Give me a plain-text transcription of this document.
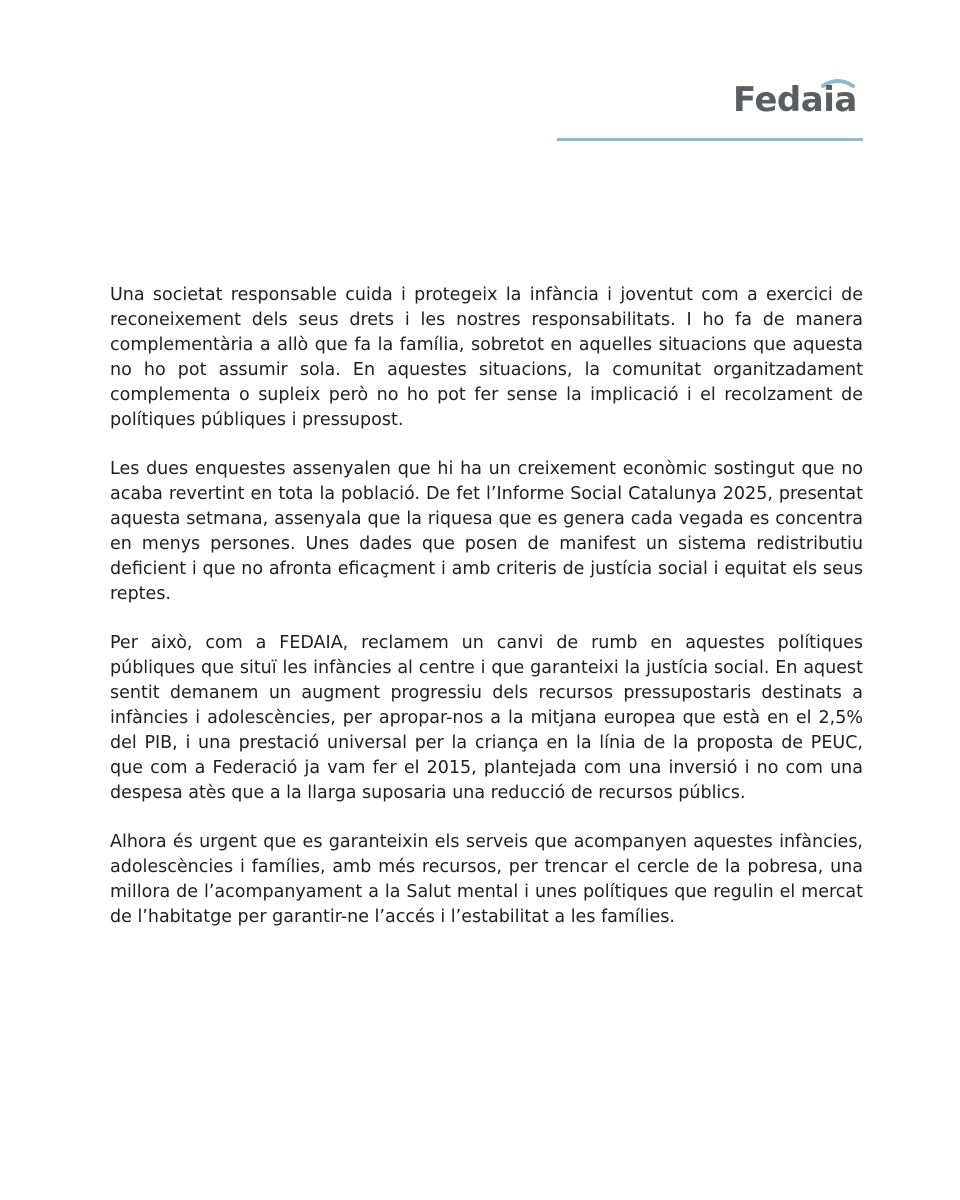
Fedaia

Una societat responsable cuida i protegeix la infància i joventut com a exercici de reconeixement dels seus drets i les nostres responsabilitats. I ho fa de manera complementària a allò que fa la família, sobretot en aquelles situacions que aquesta no ho pot assumir sola. En aquestes situacions, la comunitat organitzadament complementa o supleix però no ho pot fer sense la implicació i el recolzament de polítiques públiques i pressupost.

Les dues enquestes assenyalen que hi ha un creixement econòmic sostingut que no acaba revertint en tota la població. De fet l’Informe Social Catalunya 2025, presentat aquesta setmana, assenyala que la riquesa que es genera cada vegada es concentra en menys persones. Unes dades que posen de manifest un sistema redistributiu deficient i que no afronta eficaçment i amb criteris de justícia social i equitat els seus reptes.

Per això, com a FEDAIA, reclamem un canvi de rumb en aquestes polítiques públiques que situï les infàncies al centre i que garanteixi la justícia social. En aquest sentit demanem un augment progressiu dels recursos pressupostaris destinats a infàncies i adolescències, per apropar-nos a la mitjana europea que està en el 2,5% del PIB, i una prestació universal per la criança en la línia de la proposta de PEUC, que com a Federació ja vam fer el 2015, plantejada com una inversió i no com una despesa atès que a la llarga suposaria una reducció de recursos públics.

Alhora és urgent que es garanteixin els serveis que acompanyen aquestes infàncies, adolescències i famílies, amb més recursos, per trencar el cercle de la pobresa, una millora de l’acompanyament a la Salut mental i unes polítiques que regulin el mercat de l’habitatge per garantir-ne l’accés i l’estabilitat a les famílies.
